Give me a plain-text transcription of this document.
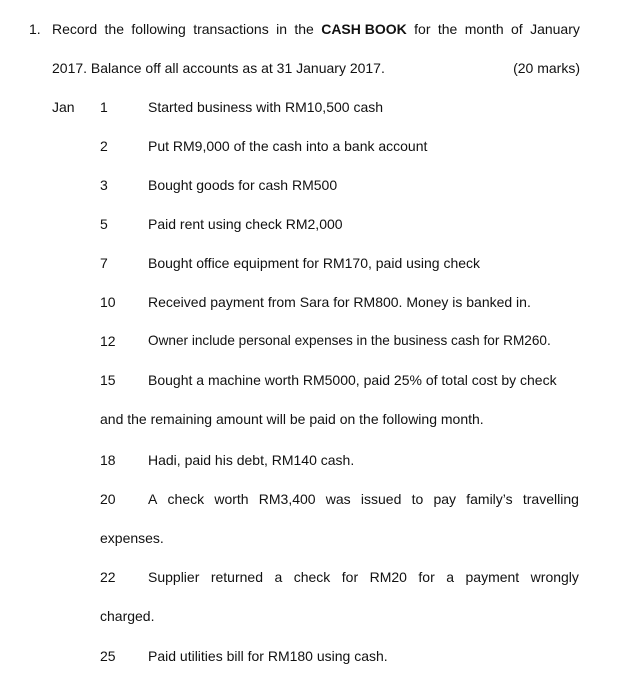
1. Record the following transactions in the CASH BOOK for the month of January
2017. Balance off all accounts as at 31 January 2017.	(20 marks)
Jan 1	Started business with RM10,500 cash
2	Put RM9,000 of the cash into a bank account
3	Bought goods for cash RM500
5	Paid rent using check RM2,000
7	Bought office equipment for RM170, paid using check
10 Received payment from Sara for RM800. Money is banked in.
12 Owner include personal expenses in the business cash for RM260.
15 Bought a machine worth RM5000, paid 25% of total cost by check
and the remaining amount will be paid on the following month.
18 Hadi, paid his debt, RM140 cash.
20 A check worth RM3,400 was issued to pay family’s travelling
expenses.
22 Supplier returned a check for RM20 for a payment wrongly
charged.
25 Paid utilities bill for RM180 using cash.
